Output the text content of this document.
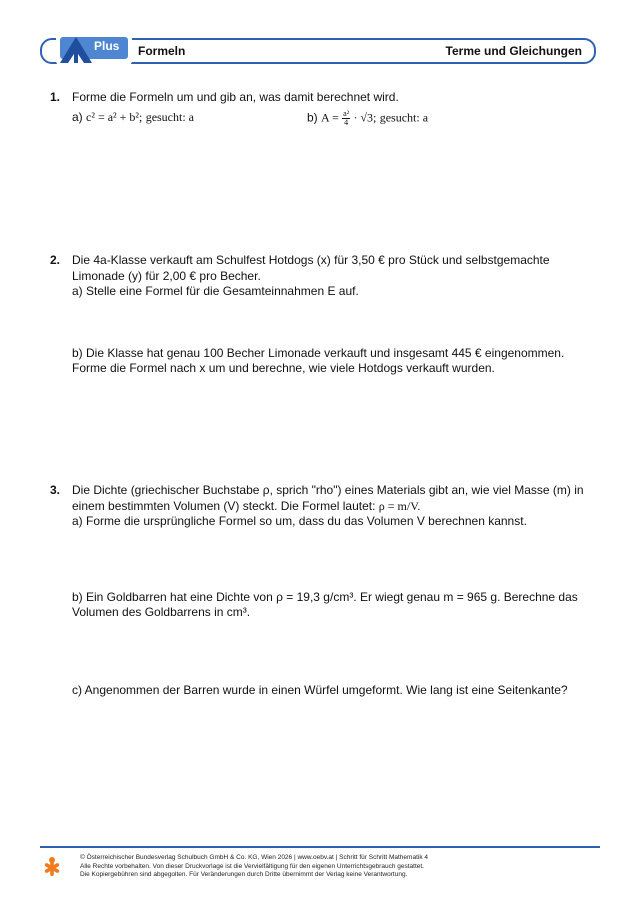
Formeln	Terme und Gleichungen
Plus
1. Forme die Formeln um und gib an, was damit berechnet wird.
a) c² = a² + b²; gesucht: a	b) $A = \frac{\text{a²}}{4} \cdot √3$; gesucht: a
2. Die 4a-Klasse verkauft am Schulfest Hotdogs (x) für 3,50 € pro Stück und selbstgemachte Limonade (y) für 2,00 € pro Becher.
a) Stelle eine Formel für die Gesamteinnahmen E auf.
b) Die Klasse hat genau 100 Becher Limonade verkauft und insgesamt 445 € eingenommen. Forme die Formel nach x um und berechne, wie viele Hotdogs verkauft wurden.
3. Die Dichte (griechischer Buchstabe ρ, sprich "rho") eines Materials gibt an, wie viel Masse (m) in einem bestimmten Volumen (V) steckt. Die Formel lautet: ρ = m/V.
a) Forme die ursprüngliche Formel so um, dass du das Volumen V berechnen kannst.
b) Ein Goldbarren hat eine Dichte von ρ = 19,3 g/cm³. Er wiegt genau m = 965 g. Berechne das Volumen des Goldbarrens in cm³.
c) Angenommen der Barren wurde in einen Würfel umgeformt. Wie lang ist eine Seitenkante?
© Österreichischer Bundesverlag Schulbuch GmbH & Co. KG, Wien 2026 | www.oebv.at | Schritt für Schritt Mathematik 4
Alle Rechte vorbehalten. Von dieser Druckvorlage ist die Vervielfältigung für den eigenen Unterrichtsgebrauch gestattet.
Die Kopiergebühren sind abgegolten. Für Veränderungen durch Dritte übernimmt der Verlag keine Verantwortung.
